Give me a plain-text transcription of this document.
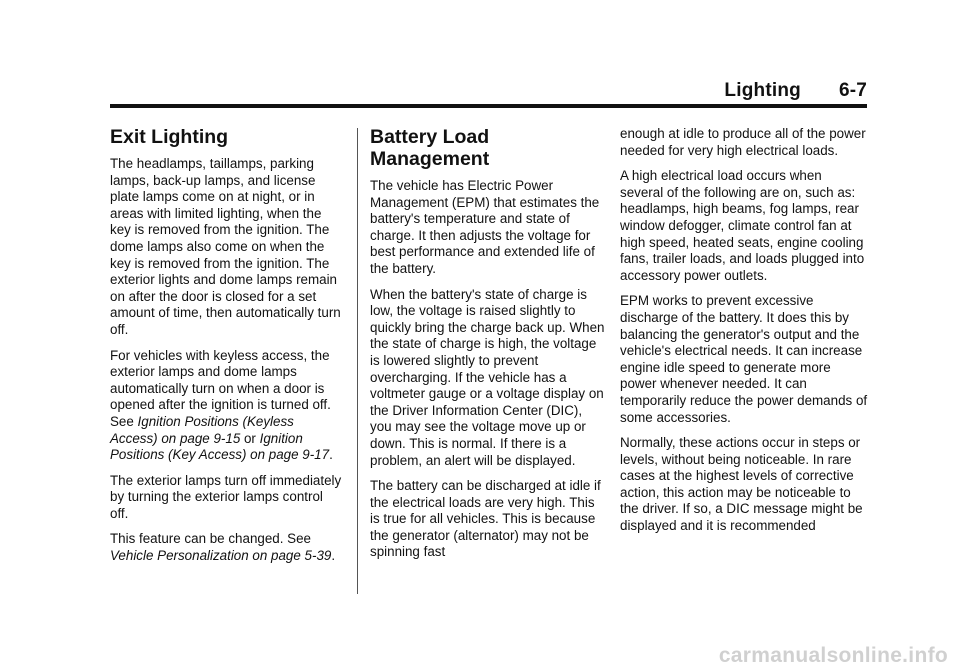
Lighting 6-7
Exit Lighting

The headlamps, taillamps, parking lamps, back-up lamps, and license plate lamps come on at night, or in areas with limited lighting, when the key is removed from the ignition. The dome lamps also come on when the key is removed from the ignition. The exterior lights and dome lamps remain on after the door is closed for a set amount of time, then automatically turn off.

For vehicles with keyless access, the exterior lamps and dome lamps automatically turn on when a door is opened after the ignition is turned off. See Ignition Positions (Keyless Access) on page 9-15 or Ignition Positions (Key Access) on page 9-17.

The exterior lamps turn off immediately by turning the exterior lamps control off.

This feature can be changed. See Vehicle Personalization on page 5-39.

Battery Load Management

The vehicle has Electric Power Management (EPM) that estimates the battery's temperature and state of charge. It then adjusts the voltage for best performance and extended life of the battery.

When the battery's state of charge is low, the voltage is raised slightly to quickly bring the charge back up. When the state of charge is high, the voltage is lowered slightly to prevent overcharging. If the vehicle has a voltmeter gauge or a voltage display on the Driver Information Center (DIC), you may see the voltage move up or down. This is normal. If there is a problem, an alert will be displayed.

The battery can be discharged at idle if the electrical loads are very high. This is true for all vehicles. This is because the generator (alternator) may not be spinning fast

enough at idle to produce all of the power needed for very high electrical loads.

A high electrical load occurs when several of the following are on, such as: headlamps, high beams, fog lamps, rear window defogger, climate control fan at high speed, heated seats, engine cooling fans, trailer loads, and loads plugged into accessory power outlets.

EPM works to prevent excessive discharge of the battery. It does this by balancing the generator's output and the vehicle's electrical needs. It can increase engine idle speed to generate more power whenever needed. It can temporarily reduce the power demands of some accessories.

Normally, these actions occur in steps or levels, without being noticeable. In rare cases at the highest levels of corrective action, this action may be noticeable to the driver. If so, a DIC message might be displayed and it is recommended

carmanualsonline.info
